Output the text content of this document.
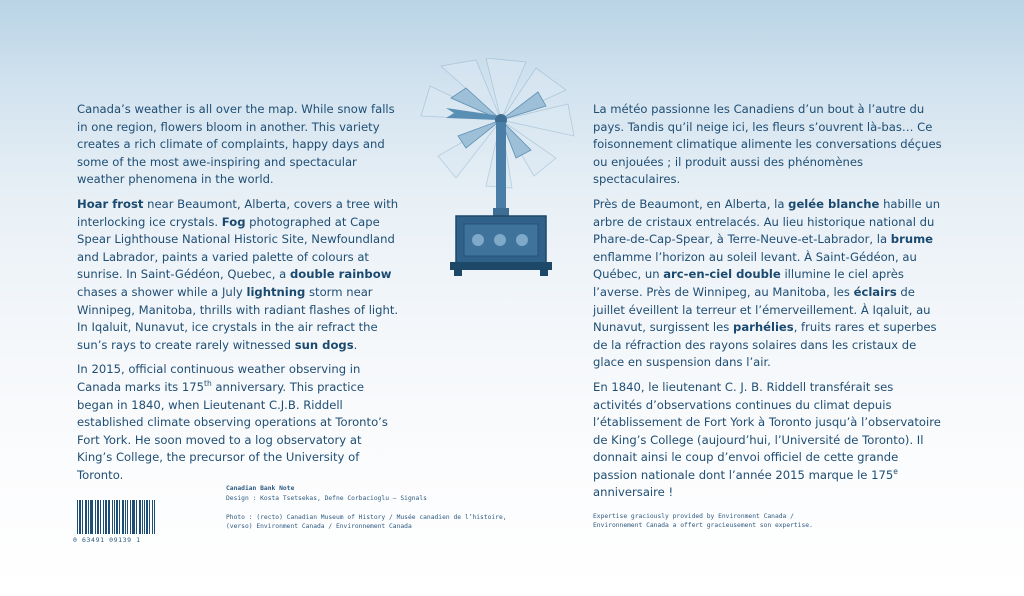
Canada’s weather is all over the map. While snow falls in one region, flowers bloom in another. This variety creates a rich climate of complaints, happy days and some of the most awe-inspiring and spectacular weather phenomena in the world.

Hoar frost near Beaumont, Alberta, covers a tree with interlocking ice crystals. Fog photographed at Cape Spear Lighthouse National Historic Site, Newfoundland and Labrador, paints a varied palette of colours at sunrise. In Saint-Gédéon, Quebec, a double rainbow chases a shower while a July lightning storm near Winnipeg, Manitoba, thrills with radiant flashes of light. In Iqaluit, Nunavut, ice crystals in the air refract the sun’s rays to create rarely witnessed sun dogs.

In 2015, official continuous weather observing in Canada marks its 175th anniversary. This practice began in 1840, when Lieutenant C.J.B. Riddell established climate observing operations at Toronto’s Fort York. He soon moved to a log observatory at King’s College, the precursor of the University of Toronto.

La météo passionne les Canadiens d’un bout à l’autre du pays. Tandis qu’il neige ici, les fleurs s’ouvrent là-bas… Ce foisonnement climatique alimente les conversations déçues ou enjouées ; il produit aussi des phénomènes spectaculaires.

Près de Beaumont, en Alberta, la gelée blanche habille un arbre de cristaux entrelacés. Au lieu historique national du Phare-de-Cap-Spear, à Terre-Neuve-et-Labrador, la brume enflamme l’horizon au soleil levant. À Saint-Gédéon, au Québec, un arc-en-ciel double illumine le ciel après l’averse. Près de Winnipeg, au Manitoba, les éclairs de juillet éveillent la terreur et l’émerveillement. À Iqaluit, au Nunavut, surgissent les parhélies, fruits rares et superbes de la réfraction des rayons solaires dans les cristaux de glace en suspension dans l’air.

En 1840, le lieutenant C. J. B. Riddell transférait ses activités d’observations continues du climat depuis l’établissement de Fort York à Toronto jusqu’à l’observatoire de King’s College (aujourd’hui, l’Université de Toronto). Il donnait ainsi le coup d’envoi officiel de cette grande passion nationale dont l’année 2015 marque le 175e anniversaire !

0 63491 09139 1
Canadian Bank Note
Design : Kosta Tsetsekas, Defne Corbacioglu – Signals
Photo : (recto) Canadian Museum of History / Musée canadien de l’histoire,
(verso) Environment Canada / Environnement Canada
Expertise graciously provided by Environment Canada /
Environnement Canada a offert gracieusement son expertise.
